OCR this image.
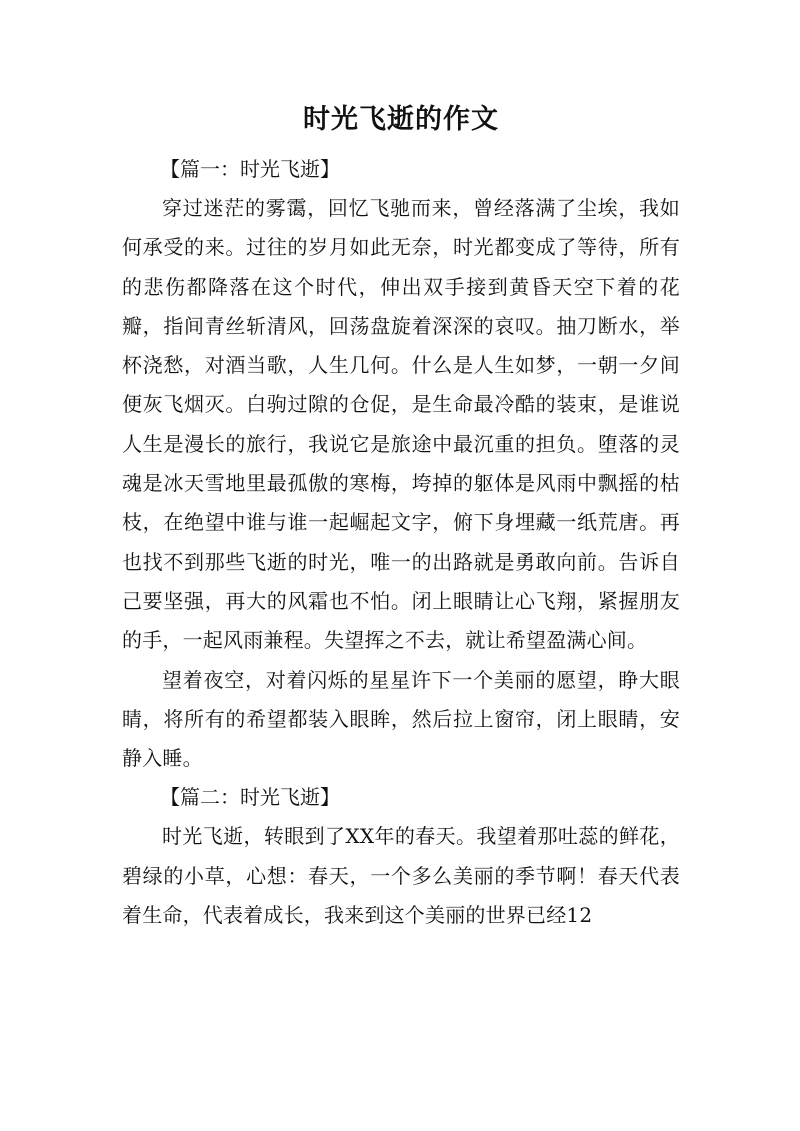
时光飞逝的作文
【篇一：时光飞逝】

穿过迷茫的雾霭，回忆飞驰而来，曾经落满了尘埃，我如何承受的来。过往的岁月如此无奈，时光都变成了等待，所有的悲伤都降落在这个时代，伸出双手接到黄昏天空下着的花瓣，指间青丝斩清风，回荡盘旋着深深的哀叹。抽刀断水，举杯浇愁，对酒当歌，人生几何。什么是人生如梦，一朝一夕间便灰飞烟灭。白驹过隙的仓促，是生命最冷酷的装束，是谁说人生是漫长的旅行，我说它是旅途中最沉重的担负。堕落的灵魂是冰天雪地里最孤傲的寒梅，垮掉的躯体是风雨中飘摇的枯枝，在绝望中谁与谁一起崛起文字，俯下身埋藏一纸荒唐。再也找不到那些飞逝的时光，唯一的出路就是勇敢向前。告诉自己要坚强，再大的风霜也不怕。闭上眼睛让心飞翔，紧握朋友的手，一起风雨兼程。失望挥之不去，就让希望盈满心间。

望着夜空，对着闪烁的星星许下一个美丽的愿望，睁大眼睛，将所有的希望都装入眼眸，然后拉上窗帘，闭上眼睛，安静入睡。

【篇二：时光飞逝】

时光飞逝，转眼到了XX年的春天。我望着那吐蕊的鲜花，碧绿的小草，心想：春天，一个多么美丽的季节啊！春天代表着生命，代表着成长，我来到这个美丽的世界已经12
